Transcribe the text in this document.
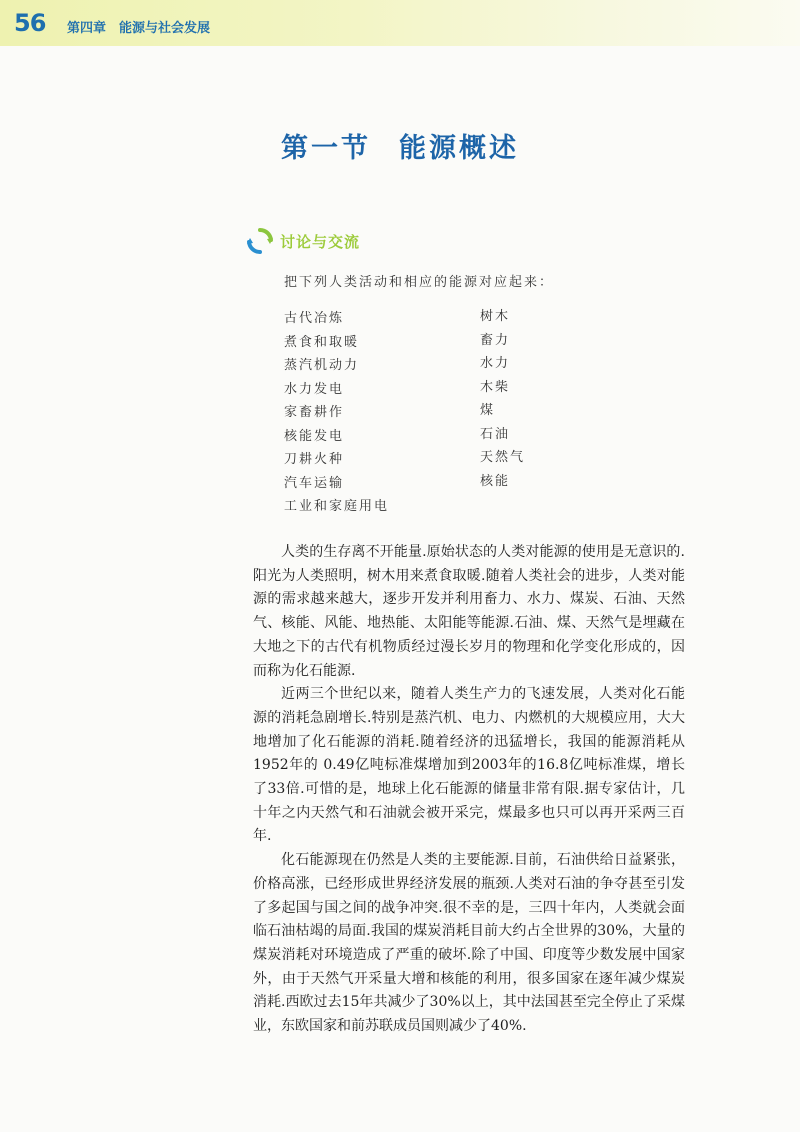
56 第四章　能源与社会发展
第一节 能源概述
讨论与交流
把下列人类活动和相应的能源对应起来：
古代冶炼
煮食和取暖
蒸汽机动力
水力发电
家畜耕作
核能发电
刀耕火种
汽车运输
工业和家庭用电
树木
畜力
水力
木柴
煤
石油
天然气
核能

人类的生存离不开能量.原始状态的人类对能源的使用是无意识的.阳光为人类照明，树木用来煮食取暖.随着人类社会的进步，人类对能源的需求越来越大，逐步开发并利用畜力、水力、煤炭、石油、天然气、核能、风能、地热能、太阳能等能源.石油、煤、天然气是埋藏在大地之下的古代有机物质经过漫长岁月的物理和化学变化形成的，因而称为化石能源.

近两三个世纪以来，随着人类生产力的飞速发展，人类对化石能源的消耗急剧增长.特别是蒸汽机、电力、内燃机的大规模应用，大大地增加了化石能源的消耗.随着经济的迅猛增长，我国的能源消耗从1952年的 0.49亿吨标准煤增加到2003年的16.8亿吨标准煤，增长了33倍.可惜的是，地球上化石能源的储量非常有限.据专家估计，几十年之内天然气和石油就会被开采完，煤最多也只可以再开采两三百年.

化石能源现在仍然是人类的主要能源.目前，石油供给日益紧张，价格高涨，已经形成世界经济发展的瓶颈.人类对石油的争夺甚至引发了多起国与国之间的战争冲突.很不幸的是，三四十年内，人类就会面临石油枯竭的局面.我国的煤炭消耗目前大约占全世界的30%，大量的煤炭消耗对环境造成了严重的破坏.除了中国、印度等少数发展中国家外，由于天然气开采量大增和核能的利用，很多国家在逐年减少煤炭消耗.西欧过去15年共减少了30%以上，其中法国甚至完全停止了采煤业，东欧国家和前苏联成员国则减少了40%.
